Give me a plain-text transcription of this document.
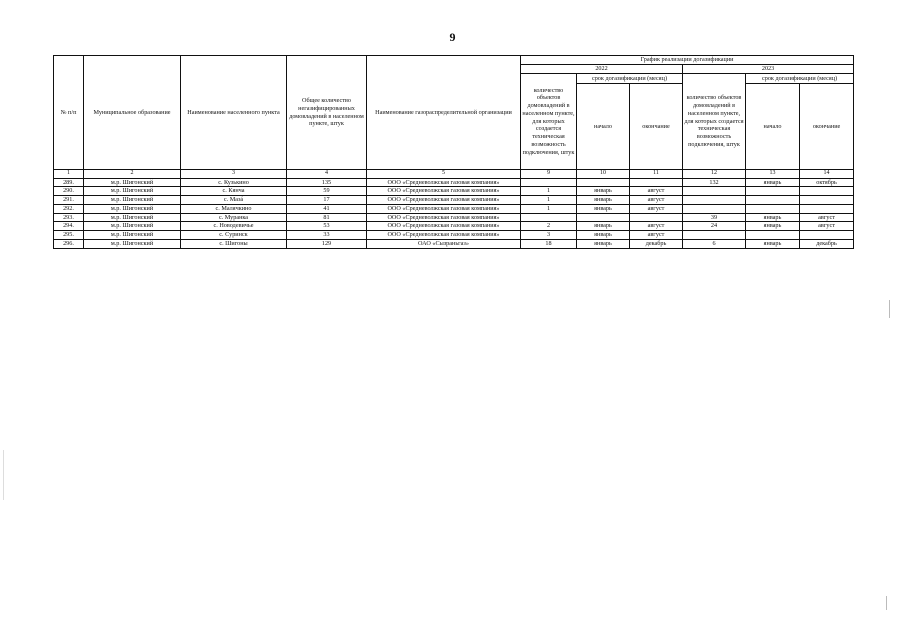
9
№ п/п	Муниципальное образование	Наименование населенного пункта	Общее количество негазифицированных домовладений в населенном пункте, штук	Наименование газораспределительной организации	График реализации догазификации					
					2022			2023		
					количество объектов домовладений в населенном пункте, для которых создается техническая возможность подключения, штук	срок догазификации (месяц)		количество объектов домовладений в населенном пункте, для которых создается техническая возможность подключения, штук	срок догазификации (месяц)	
						начало	окончание		начало	окончание
1	2	3	4	5	9	10	11	12	13	14
289.	м.р. Шигонский	с. Кузькино	135	ООО «Средневолжская газовая компания»				132	январь	октябрь
290.	м.р. Шигонский	с. Кянча	59	ООО «Средневолжская газовая компания»	1	январь	август			
291.	м.р. Шигонский	с. Мазá	17	ООО «Средневолжская газовая компания»	1	январь	август			
292.	м.р. Шигонский	с. Малячкино	41	ООО «Средневолжская газовая компания»	1	январь	август			
293.	м.р. Шигонский	с. Муранка	81	ООО «Средневолжская газовая компания»				39	январь	август
294.	м.р. Шигонский	с. Новодевичье	53	ООО «Средневолжская газовая компания»	2	январь	август	24	январь	август
295.	м.р. Шигонский	с. Суринск	33	ООО «Средневолжская газовая компания»	3	январь	август			
296.	м.р. Шигонский	с. Шигоны	129	ОАО «Сызраньгаз»	18	январь	декабрь	6	январь	декабрь
